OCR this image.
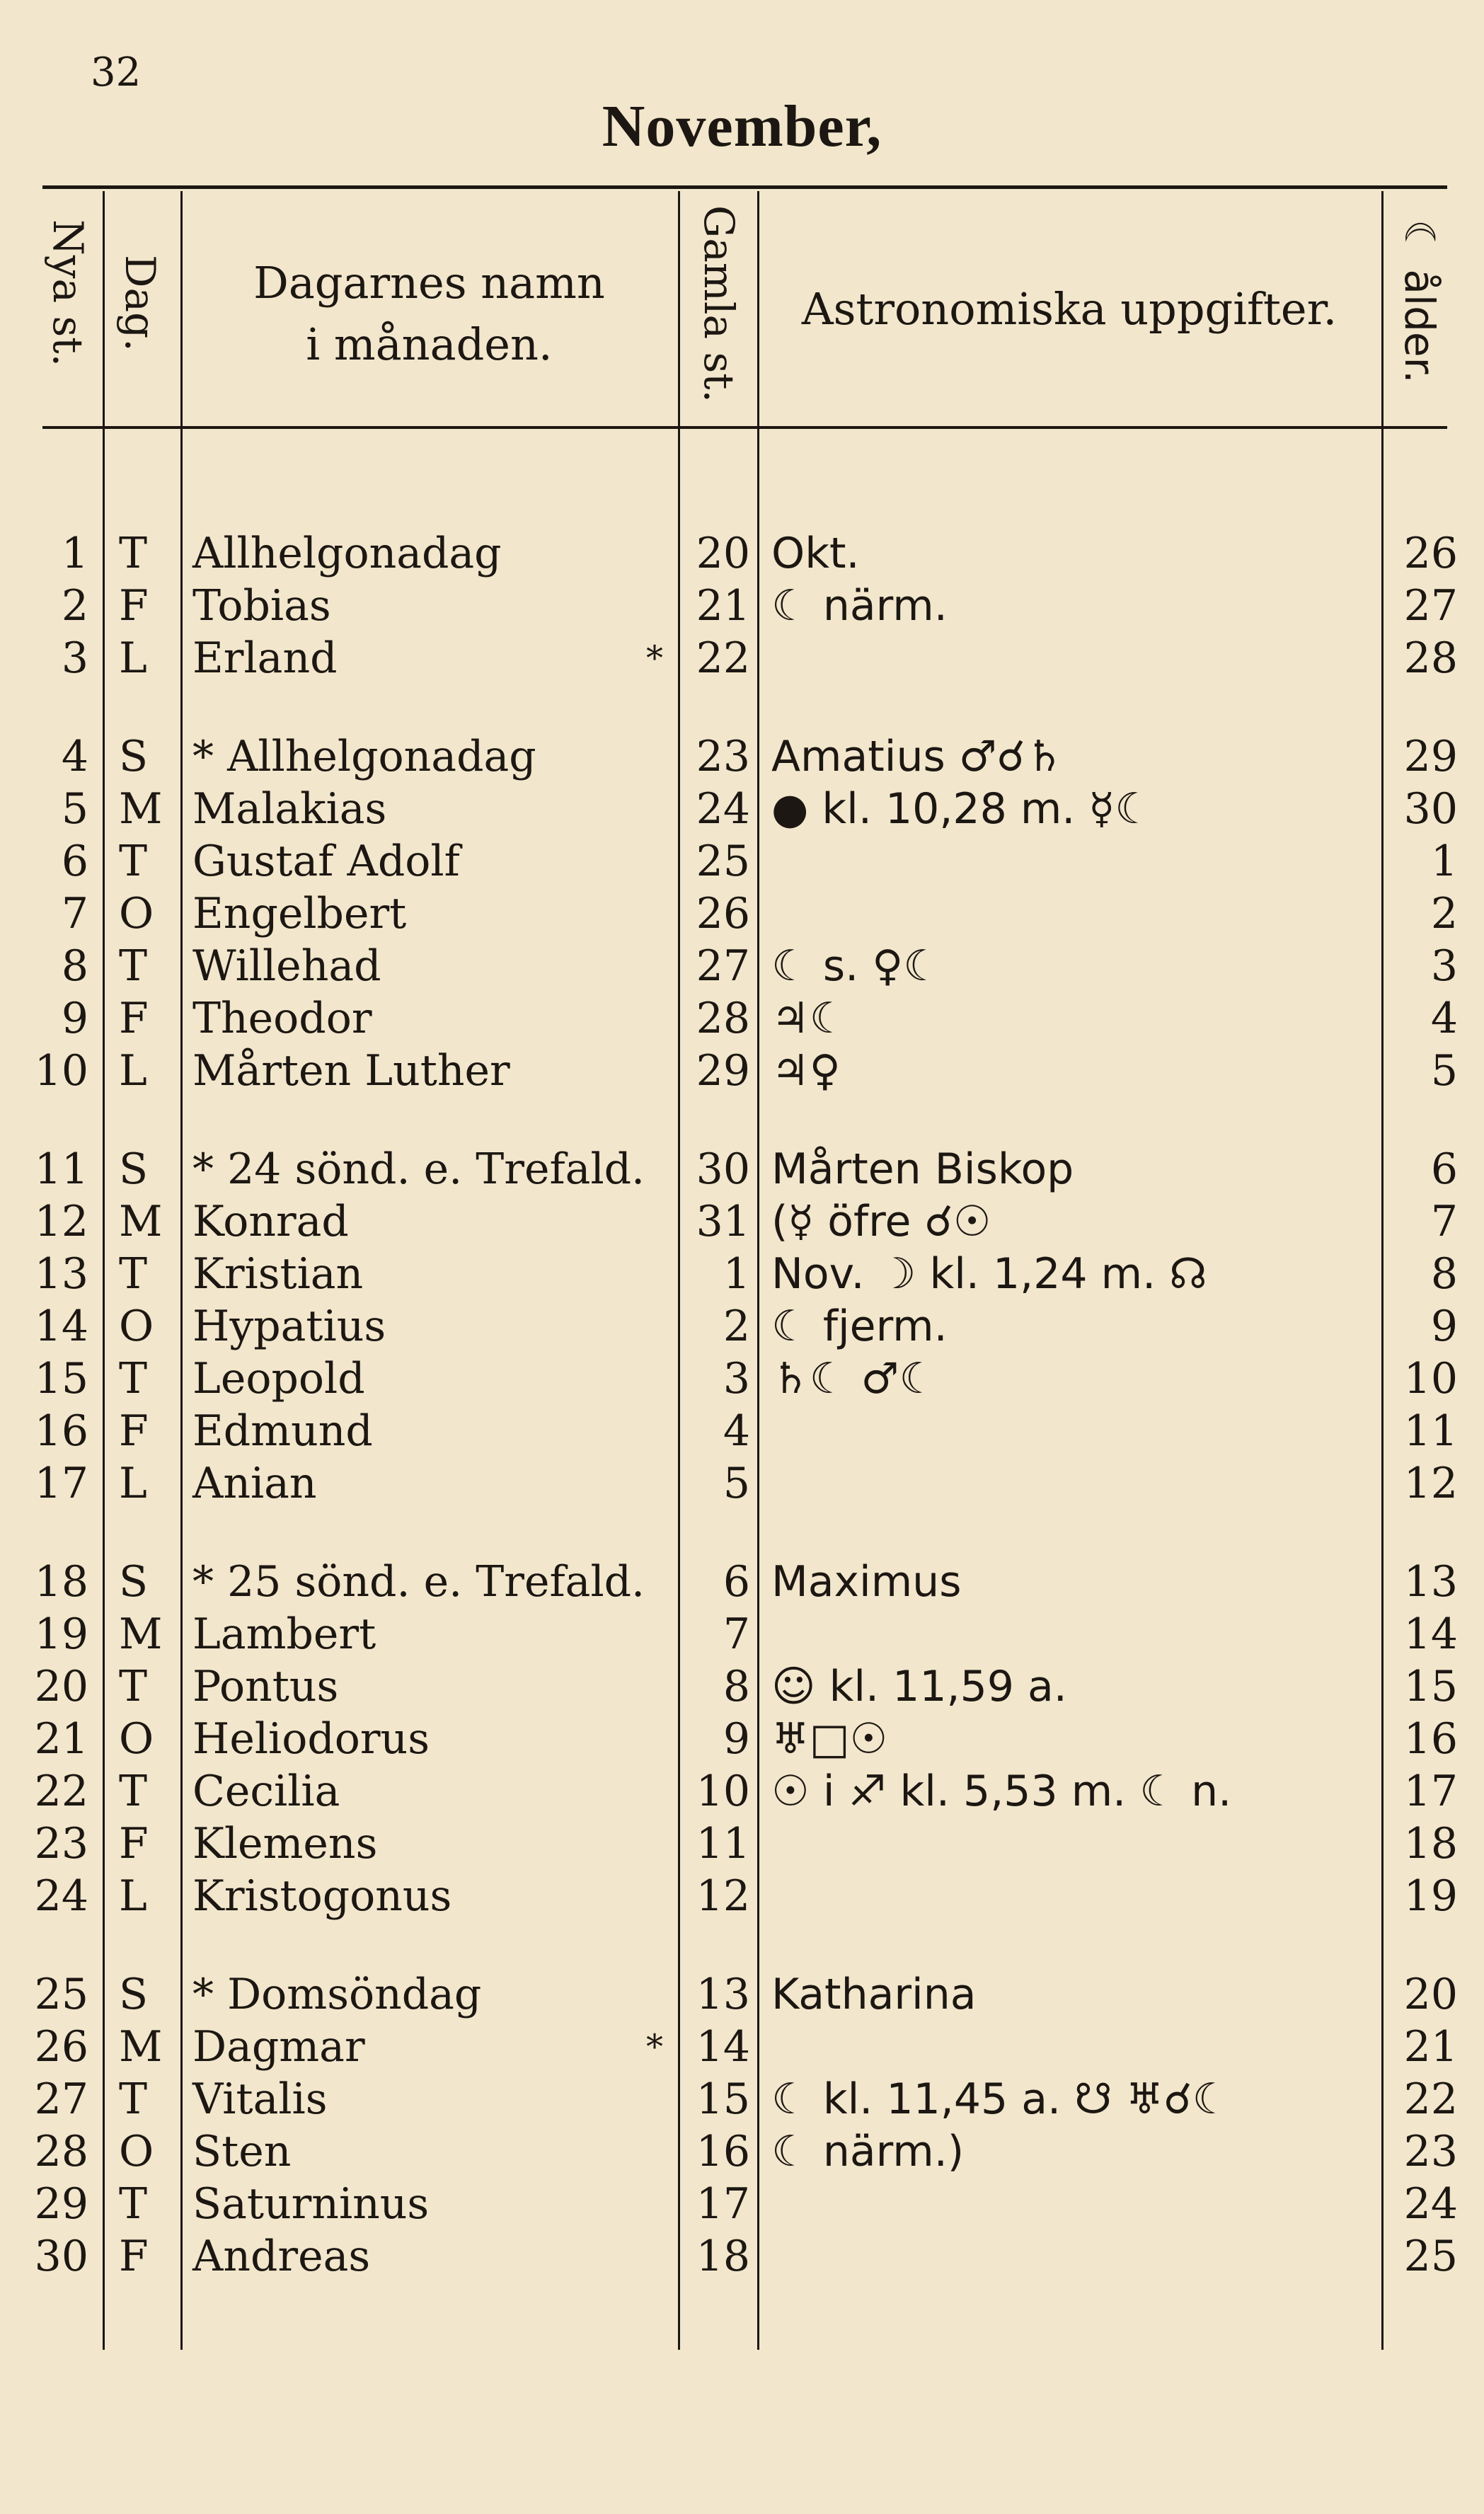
32
November,
Nya st. Dag.	Dagarnes namn
i månaden.	Gamla st.	Astronomiska uppgifter.	☾ ålder.
1 T	Allhelgonadag	20 Okt.	26
2 F	Tobias	21 ☾ närm.	27
3 L	Erland	* 22	28
4 S	* Allhelgonadag	23 Amatius ♂☌♄	29
5 M Malakias	24 ● kl. 10,28 m. ☿☾	30
6 T	Gustaf Adolf	25	1
7 O Engelbert	26	2
8 T	Willehad	27 ☾ s. ♀☾	3
9 F	Theodor	28 ♃☾	4
10 L	Mårten Luther	29 ♃♀	5
11 S	* 24 sönd. e. Trefald.	30 Mårten Biskop	6
12 M Konrad	31 (☿ öfre ☌☉	7
13 T	Kristian	1 Nov. ☽ kl. 1,24 m. ☊	8
14 O Hypatius	2 ☾ fjerm.	9
15 T	Leopold	3 ♄☾ ♂☾	10
16 F	Edmund	4	11
17 L	Anian	5	12
18 S	* 25 sönd. e. Trefald.	6 Maximus	13
19 M Lambert	7	14
20 T	Pontus	8 ☺ kl. 11,59 a.	15
21 O Heliodorus	9 ♅□☉	16
22 T	Cecilia	10 ☉ i ♐ kl. 5,53 m. ☾ n.	17
23 F	Klemens	11	18
24 L	Kristogonus	12	19
25 S	* Domsöndag	13 Katharina	20
26 M Dagmar	* 14	21
27 T	Vitalis	15 ☾ kl. 11,45 a. ☋ ♅☌☾	22
28 O Sten	16 ☾ närm.)	23
29 T	Saturninus	17	24
30 F	Andreas	18	25
